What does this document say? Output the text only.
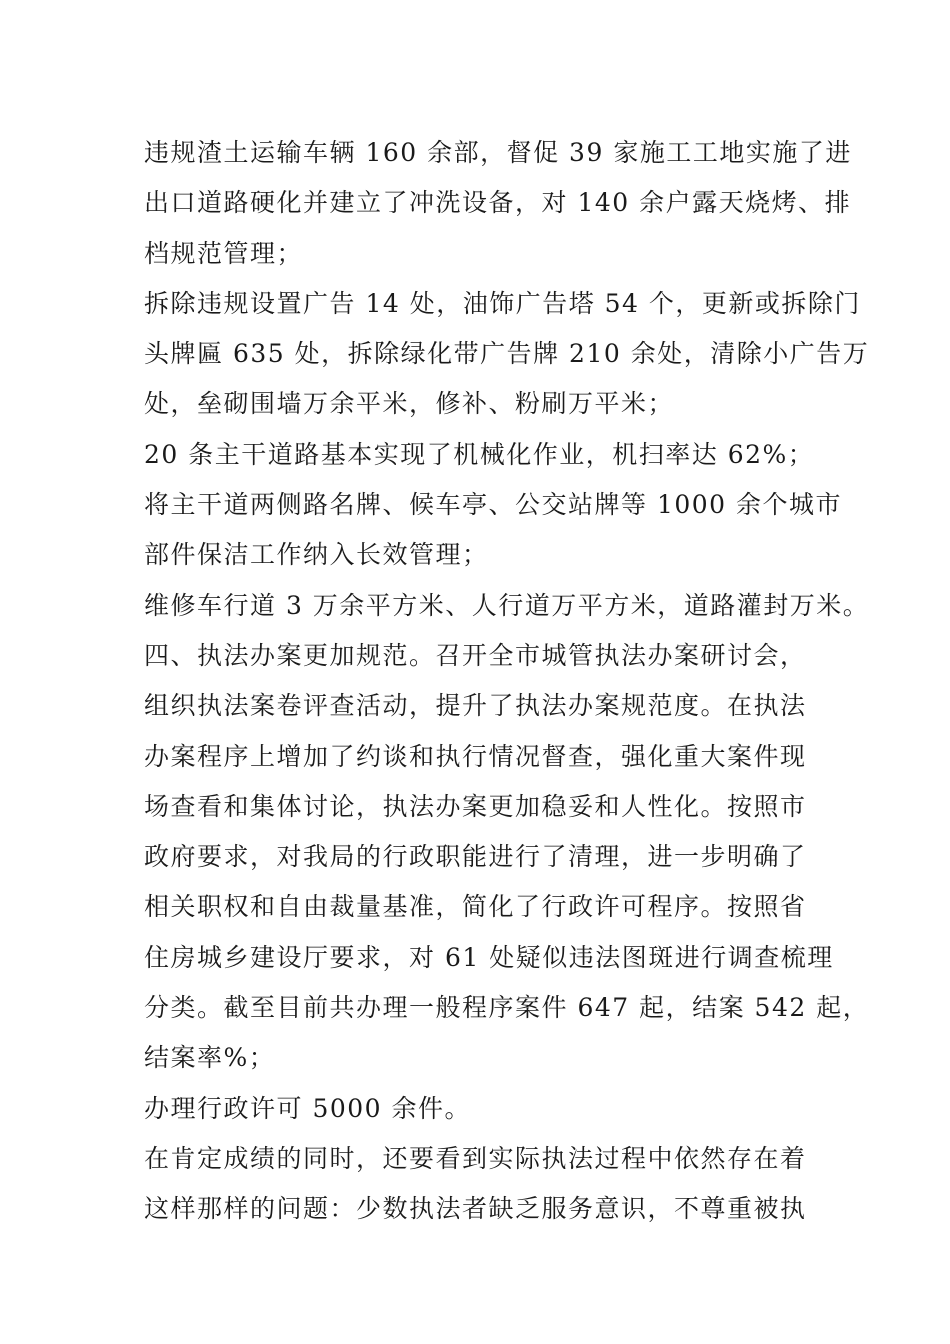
违规渣土运输车辆 160 余部，督促 39 家施工工地实施了进
出口道路硬化并建立了冲洗设备，对 140 余户露天烧烤、排
档规范管理；
拆除违规设置广告 14 处，油饰广告塔 54 个，更新或拆除门
头牌匾 635 处，拆除绿化带广告牌 210 余处，清除小广告万
处，垒砌围墙万余平米，修补、粉刷万平米；
20 条主干道路基本实现了机械化作业，机扫率达 62%；
将主干道两侧路名牌、候车亭、公交站牌等 1000 余个城市
部件保洁工作纳入长效管理；
维修车行道 3 万余平方米、人行道万平方米，道路灌封万米。
四、执法办案更加规范。召开全市城管执法办案研讨会，
组织执法案卷评查活动，提升了执法办案规范度。在执法
办案程序上增加了约谈和执行情况督查，强化重大案件现
场查看和集体讨论，执法办案更加稳妥和人性化。按照市
政府要求，对我局的行政职能进行了清理，进一步明确了
相关职权和自由裁量基准，简化了行政许可程序。按照省
住房城乡建设厅要求，对 61 处疑似违法图斑进行调查梳理
分类。截至目前共办理一般程序案件 647 起，结案 542 起，
结案率%；
办理行政许可 5000 余件。
在肯定成绩的同时，还要看到实际执法过程中依然存在着
这样那样的问题：少数执法者缺乏服务意识，不尊重被执
